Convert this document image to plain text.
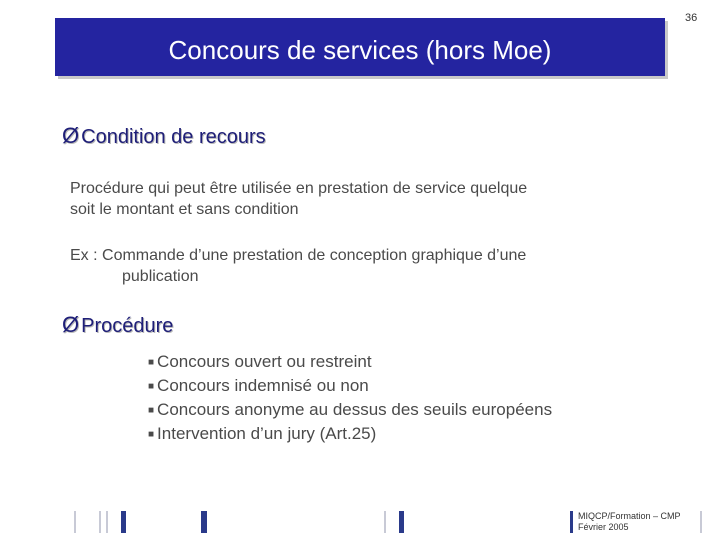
Concours de services (hors Moe)
36
Ø Condition de recours
Procédure qui peut être utilisée en prestation de service quelque
soit le montant et sans condition
Ex : Commande d’une prestation de conception graphique d’une
publication
Ø Procédure
■ Concours ouvert ou restreint
■ Concours indemnisé ou non
■ Concours anonyme au dessus des seuils européens
■ Intervention d’un jury (Art.25)
MIQCP/Formation – CMP
Février 2005
